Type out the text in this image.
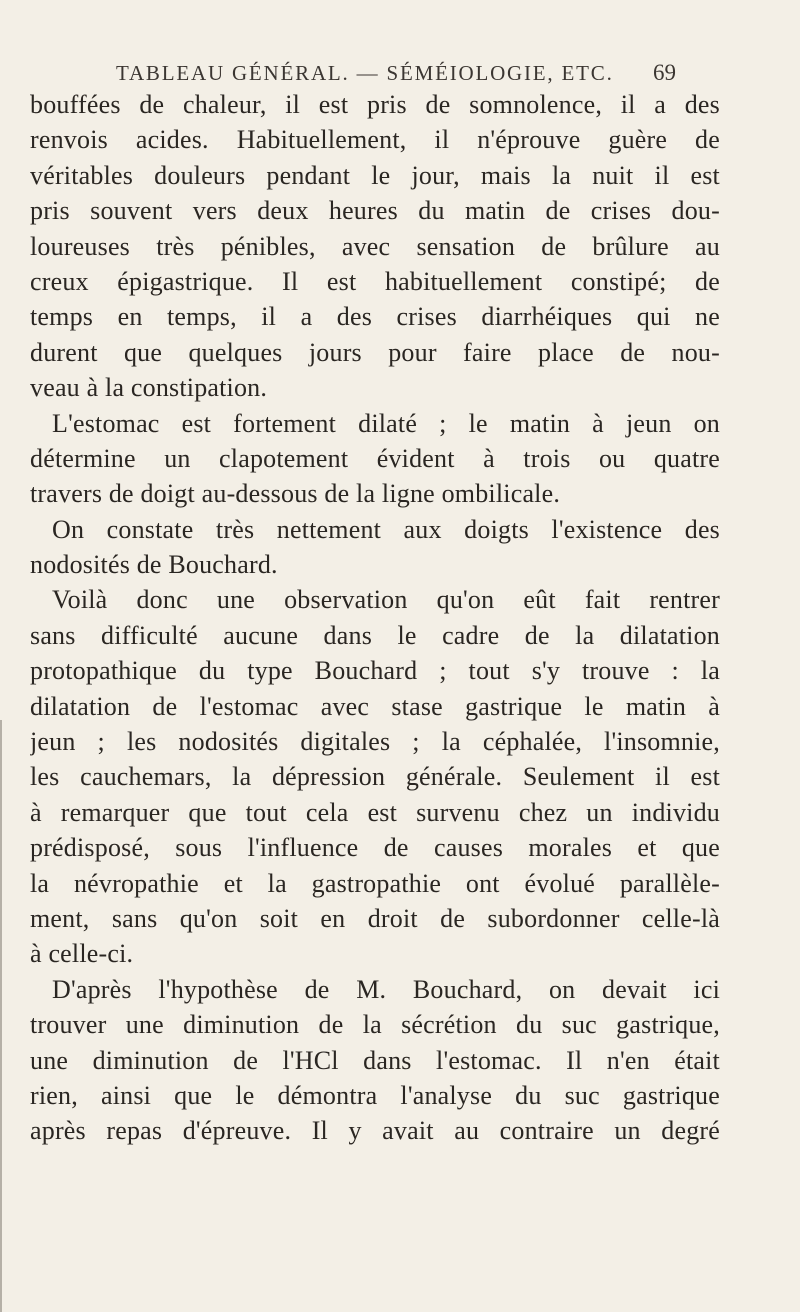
TABLEAU GÉNÉRAL. — SÉMÉIOLOGIE, ETC.	69
bouffées de chaleur, il est pris de somnolence, il a des
renvois acides. Habituellement, il n'éprouve guère de
véritables douleurs pendant le jour, mais la nuit il est
pris souvent vers deux heures du matin de crises dou-
loureuses très pénibles, avec sensation de brûlure au
creux épigastrique. Il est habituellement constipé; de
temps en temps, il a des crises diarrhéiques qui ne
durent que quelques jours pour faire place de nou-
veau à la constipation.
L'estomac est fortement dilaté ; le matin à jeun on
détermine un clapotement évident à trois ou quatre
travers de doigt au-dessous de la ligne ombilicale.
On constate très nettement aux doigts l'existence des
nodosités de Bouchard.
Voilà donc une observation qu'on eût fait rentrer
sans difficulté aucune dans le cadre de la dilatation
protopathique du type Bouchard ; tout s'y trouve : la
dilatation de l'estomac avec stase gastrique le matin à
jeun ; les nodosités digitales ; la céphalée, l'insomnie,
les cauchemars, la dépression générale. Seulement il est
à remarquer que tout cela est survenu chez un individu
prédisposé, sous l'influence de causes morales et que
la névropathie et la gastropathie ont évolué parallèle-
ment, sans qu'on soit en droit de subordonner celle-là
à celle-ci.
D'après l'hypothèse de M. Bouchard, on devait ici
trouver une diminution de la sécrétion du suc gastrique,
une diminution de l'HCl dans l'estomac. Il n'en était
rien, ainsi que le démontra l'analyse du suc gastrique
après repas d'épreuve. Il y avait au contraire un degré
